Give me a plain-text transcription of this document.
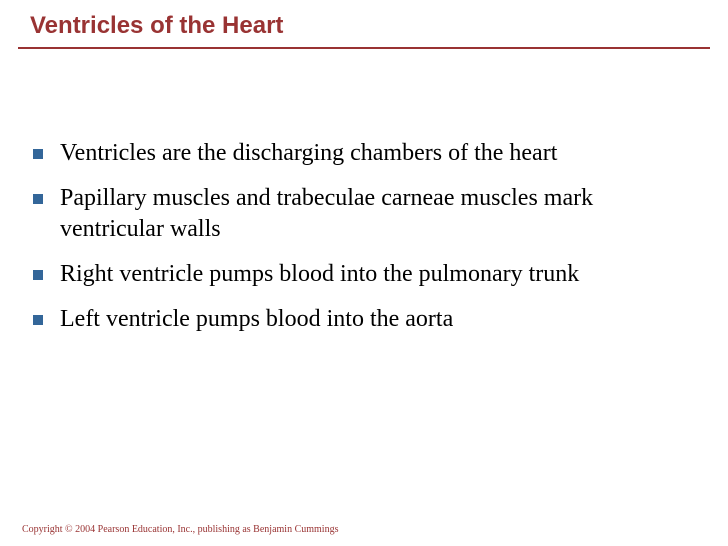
Ventricles of the Heart
Ventricles are the discharging chambers of the heart
Papillary muscles and trabeculae carneae muscles mark ventricular walls
Right ventricle pumps blood into the pulmonary trunk
Left ventricle pumps blood into the aorta

Copyright © 2004 Pearson Education, Inc., publishing as Benjamin Cummings
